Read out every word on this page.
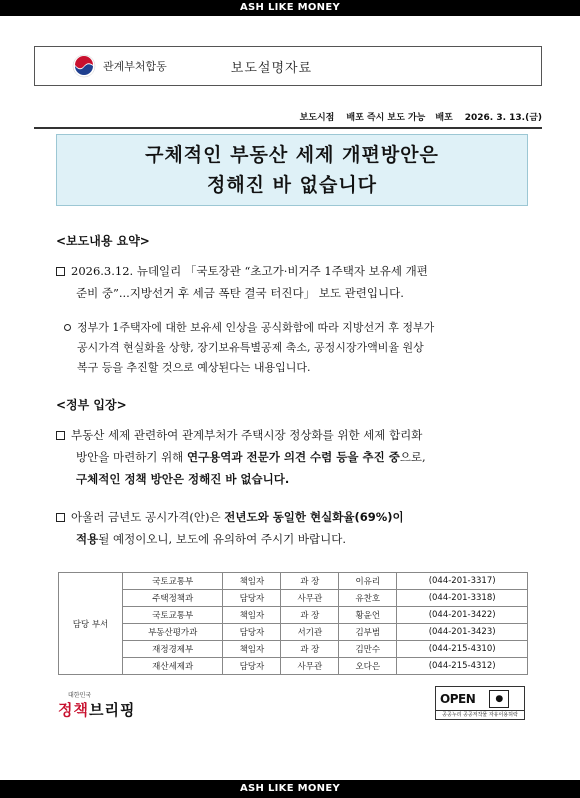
ASH LIKE MONEY
관계부처합동	보도설명자료
보도시점 배포 즉시 보도 가능 배포 2026. 3. 13.(금)
구체적인 부동산 세제 개편방안은
정해진 바 없습니다
<보도내용 요약>
2026.3.12. 뉴데일리 「국토장관 “초고가·비거주 1주택자 보유세 개편
준비 중”...지방선거 후 세금 폭탄 결국 터진다」 보도 관련입니다.
정부가 1주택자에 대한 보유세 인상을 공식화함에 따라 지방선거 후 정부가
공시가격 현실화율 상향, 장기보유특별공제 축소, 공정시장가액비율 원상
복구 등을 추진할 것으로 예상된다는 내용입니다.
<정부 입장>
부동산 세제 관련하여 관계부처가 주택시장 정상화를 위한 세제 합리화
방안을 마련하기 위해 연구용역과 전문가 의견 수렴 등을 추진 중으로,
구체적인 정책 방안은 정해진 바 없습니다.
아울러 금년도 공시가격(안)은 전년도와 동일한 현실화율(69%)이
적용될 예정이오니, 보도에 유의하여 주시기 바랍니다.
담당 부서	국토교통부	책임자	과 장	이유리	(044-201-3317)
	주택정책과	담당자	사무관	유찬호	(044-201-3318)
	국토교통부	책임자	과 장	황윤언	(044-201-3422)
	부동산평가과	담당자	서기관	김부범	(044-201-3423)
	재정경제부	책임자	과 장	김만수	(044-215-4310)
	재산세제과	담당자	사무관	오다은	(044-215-4312)
대한민국
정책브리핑
OPEN	●
공공누리 공공저작물 자유이용허락
ASH LIKE MONEY
